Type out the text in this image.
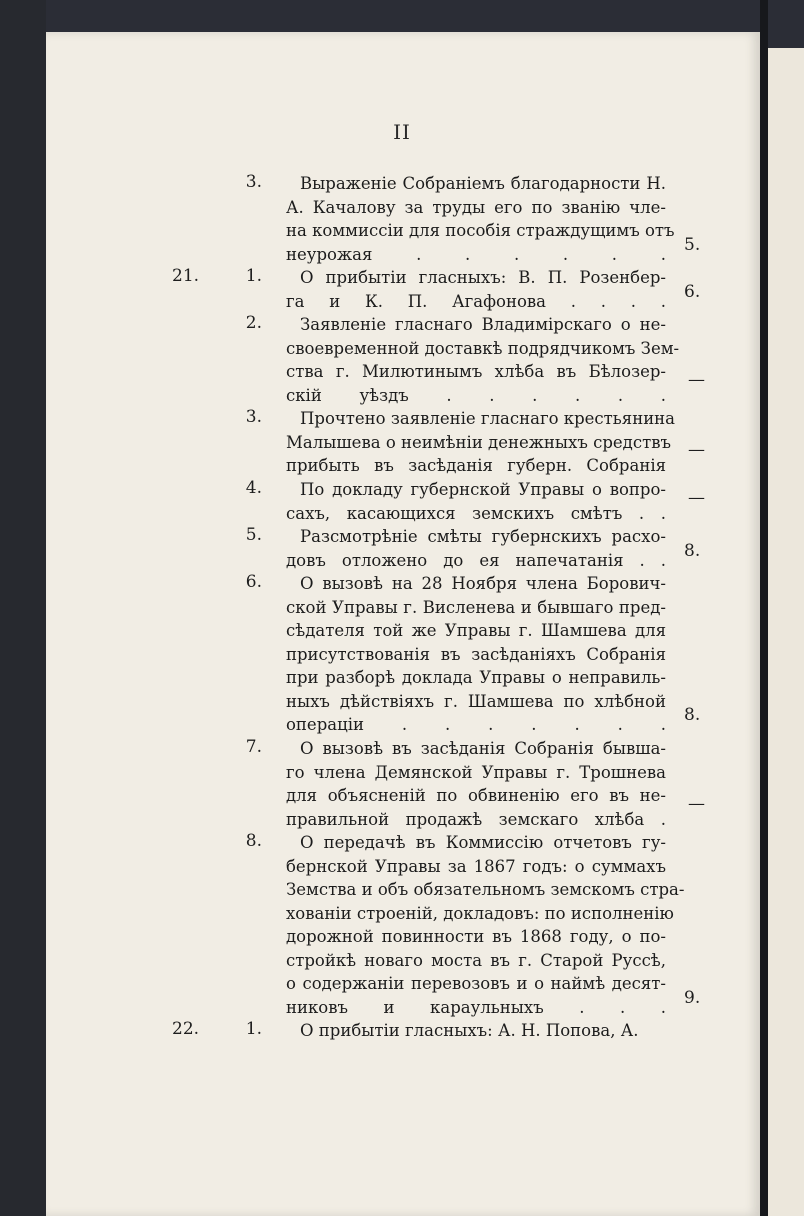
II
3.	Выраженіе Собраніемъ благодарности Н.
А. Качалову за труды его по званію чле-
на коммиссіи для пособія страждущимъ отъ
неурожая . . . . . . 5.
21.	1.	О прибытіи гласныхъ: В. П. Розенбер-
га и К. П. Агафонова . . . . 6.
2.	Заявленіе гласнаго Владимірскаго о не-
своевременной доставкѣ подрядчикомъ Зем-
ства г. Милютинымъ хлѣба въ Бѣлозер-
скій уѣздъ . . . . . .
—
3.	Прочтено заявленіе гласнаго крестьянина
Малышева о неимѣніи денежныхъ средствъ
прибыть въ засѣданія губерн. Собранія
—
4.	По докладу губернской Управы о вопро-
сахъ, касающихся земскихъ смѣтъ . .
—
5.	Разсмотрѣніе смѣты губернскихъ расхо-
довъ отложено до ея напечатанія . . 8.
6.	О вызовѣ на 28 Ноября члена Борович-
ской Управы г. Висленева и бывшаго пред-
сѣдателя той же Управы г. Шамшева для
присутствованія въ засѣданіяхъ Собранія
при разборѣ доклада Управы о неправиль-
ныхъ дѣйствіяхъ г. Шамшева по хлѣбной
операціи . . . . . . . 8.
7.	О вызовѣ въ засѣданія Собранія бывша-
го члена Демянской Управы г. Трошнева
для объясненій по обвиненію его въ не-
правильной продажѣ земскаго хлѣба .
—
8.	О передачѣ въ Коммиссію отчетовъ гу-
бернской Управы за 1867 годъ: о суммахъ
Земства и объ обязательномъ земскомъ стра-
хованіи строеній, докладовъ: по исполненію
дорожной повинности въ 1868 году, о по-
стройкѣ новаго моста въ г. Старой Руссѣ,
о содержаніи перевозовъ и о наймѣ десят-
никовъ и караульныхъ . . . 9.
22.	1.	О прибытіи гласныхъ: А. Н. Попова, А.
